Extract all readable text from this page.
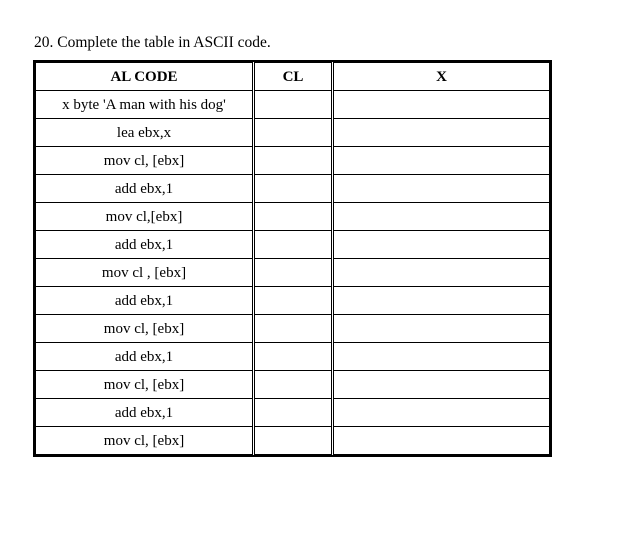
20. Complete the table in ASCII code.
AL CODE	CL	X
x byte 'A man with his dog'		
lea ebx,x		
mov cl, [ebx]		
add ebx,1		
mov cl,[ebx]		
add ebx,1		
mov cl , [ebx]		
add ebx,1		
mov cl, [ebx]		
add ebx,1		
mov cl, [ebx]		
add ebx,1		
mov cl, [ebx]		
